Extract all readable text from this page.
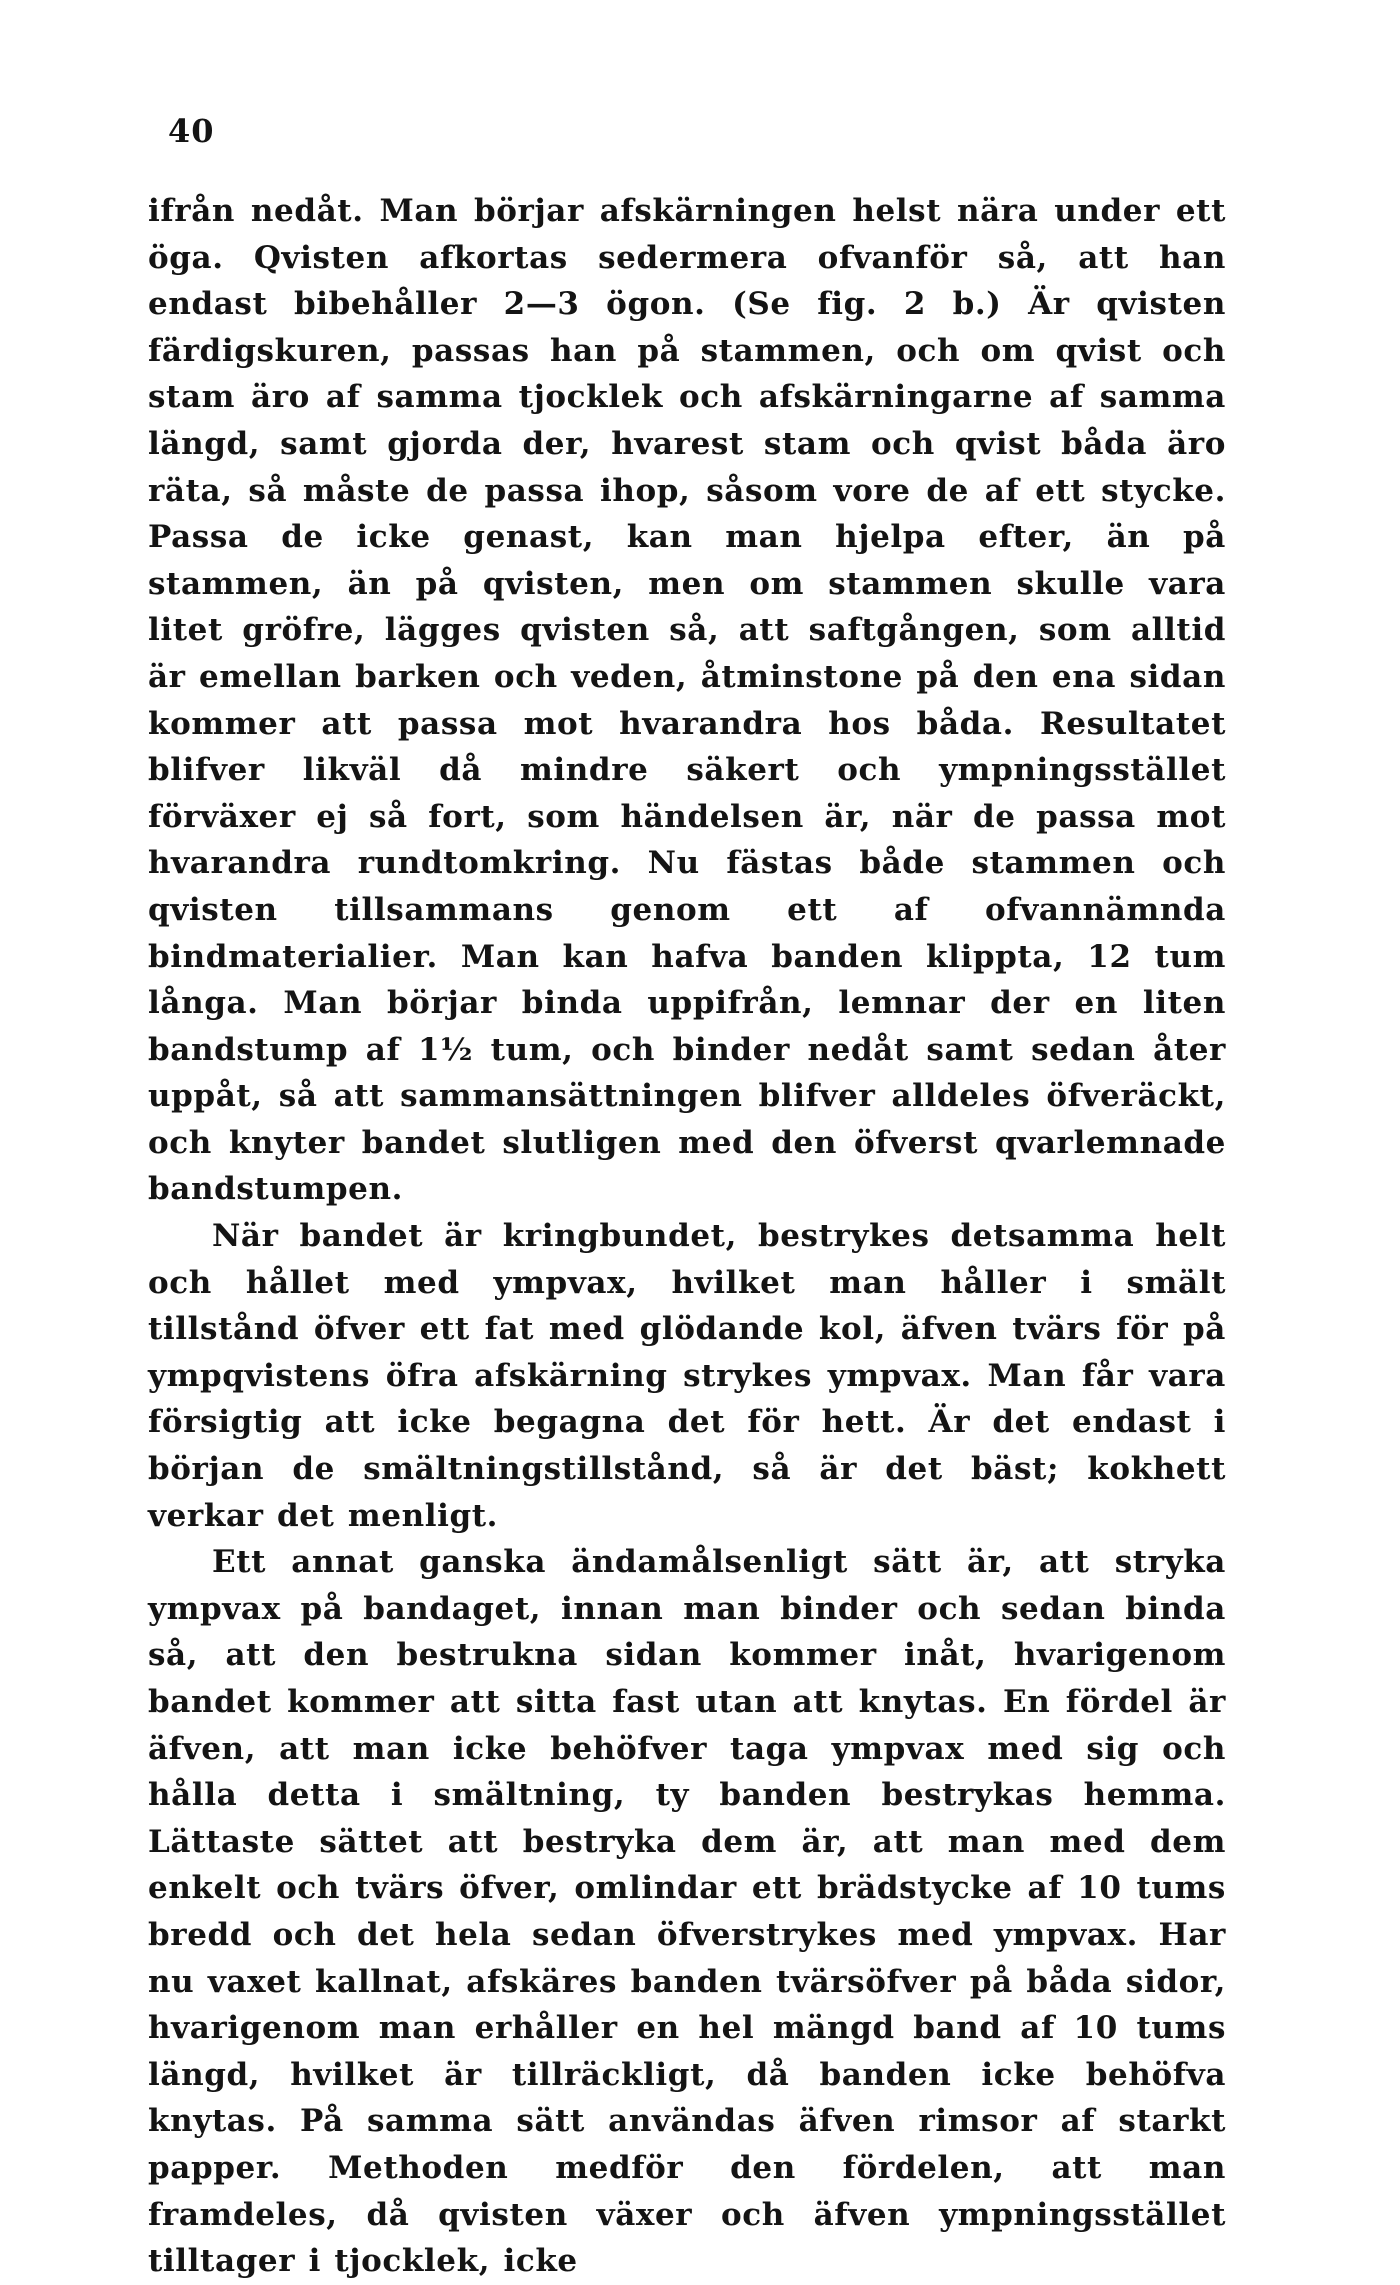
40

ifrån nedåt. Man börjar afskärningen helst nära under ett öga. Qvisten afkortas sedermera ofvanför så, att han endast bibehåller 2—3 ögon. (Se fig. 2 b.) Är qvisten färdigskuren, passas han på stammen, och om qvist och stam äro af samma tjocklek och afskärningarne af samma längd, samt gjorda der, hvarest stam och qvist båda äro räta, så måste de passa ihop, såsom vore de af ett stycke. Passa de icke genast, kan man hjelpa efter, än på stammen, än på qvisten, men om stammen skulle vara litet gröfre, lägges qvisten så, att saftgången, som alltid är emellan barken och veden, åtminstone på den ena sidan kommer att passa mot hvarandra hos båda. Resultatet blifver likväl då mindre säkert och ympningsstället förväxer ej så fort, som händelsen är, när de passa mot hvarandra rundtomkring. Nu fästas både stammen och qvisten tillsammans genom ett af ofvannämnda bindmaterialier. Man kan hafva banden klippta, 12 tum långa. Man börjar binda uppifrån, lemnar der en liten bandstump af 1½ tum, och binder nedåt samt sedan åter uppåt, så att sammansättningen blifver alldeles öfveräckt, och knyter bandet slutligen med den öfverst qvarlemnade bandstumpen.

När bandet är kringbundet, bestrykes detsamma helt och hållet med ympvax, hvilket man håller i smält tillstånd öfver ett fat med glödande kol, äfven tvärs för på ympqvistens öfra afskärning strykes ympvax. Man får vara försigtig att icke begagna det för hett. Är det endast i början de smältningstillstånd, så är det bäst; kokhett verkar det menligt.

Ett annat ganska ändamålsenligt sätt är, att stryka ympvax på bandaget, innan man binder och sedan binda så, att den bestrukna sidan kommer inåt, hvarigenom bandet kommer att sitta fast utan att knytas. En fördel är äfven, att man icke behöfver taga ympvax med sig och hålla detta i smältning, ty banden bestrykas hemma. Lättaste sättet att bestryka dem är, att man med dem enkelt och tvärs öfver, omlindar ett brädstycke af 10 tums bredd och det hela sedan öfverstrykes med ympvax. Har nu vaxet kallnat, afskäres banden tvärsöfver på båda sidor, hvarigenom man erhåller en hel mängd band af 10 tums längd, hvilket är tillräckligt, då banden icke behöfva knytas. På samma sätt användas äfven rimsor af starkt papper. Methoden medför den fördelen, att man framdeles, då qvisten växer och äfven ympningsstället tilltager i tjocklek, icke
